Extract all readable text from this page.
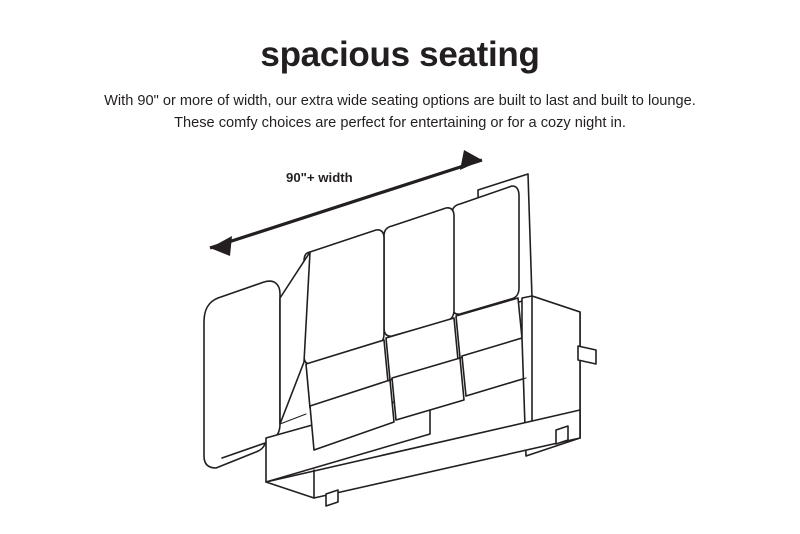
spacious seating
With 90" or more of width, our extra wide seating options are built to last and built to lounge.
These comfy choices are perfect for entertaining or for a cozy night in.
90"+ width
